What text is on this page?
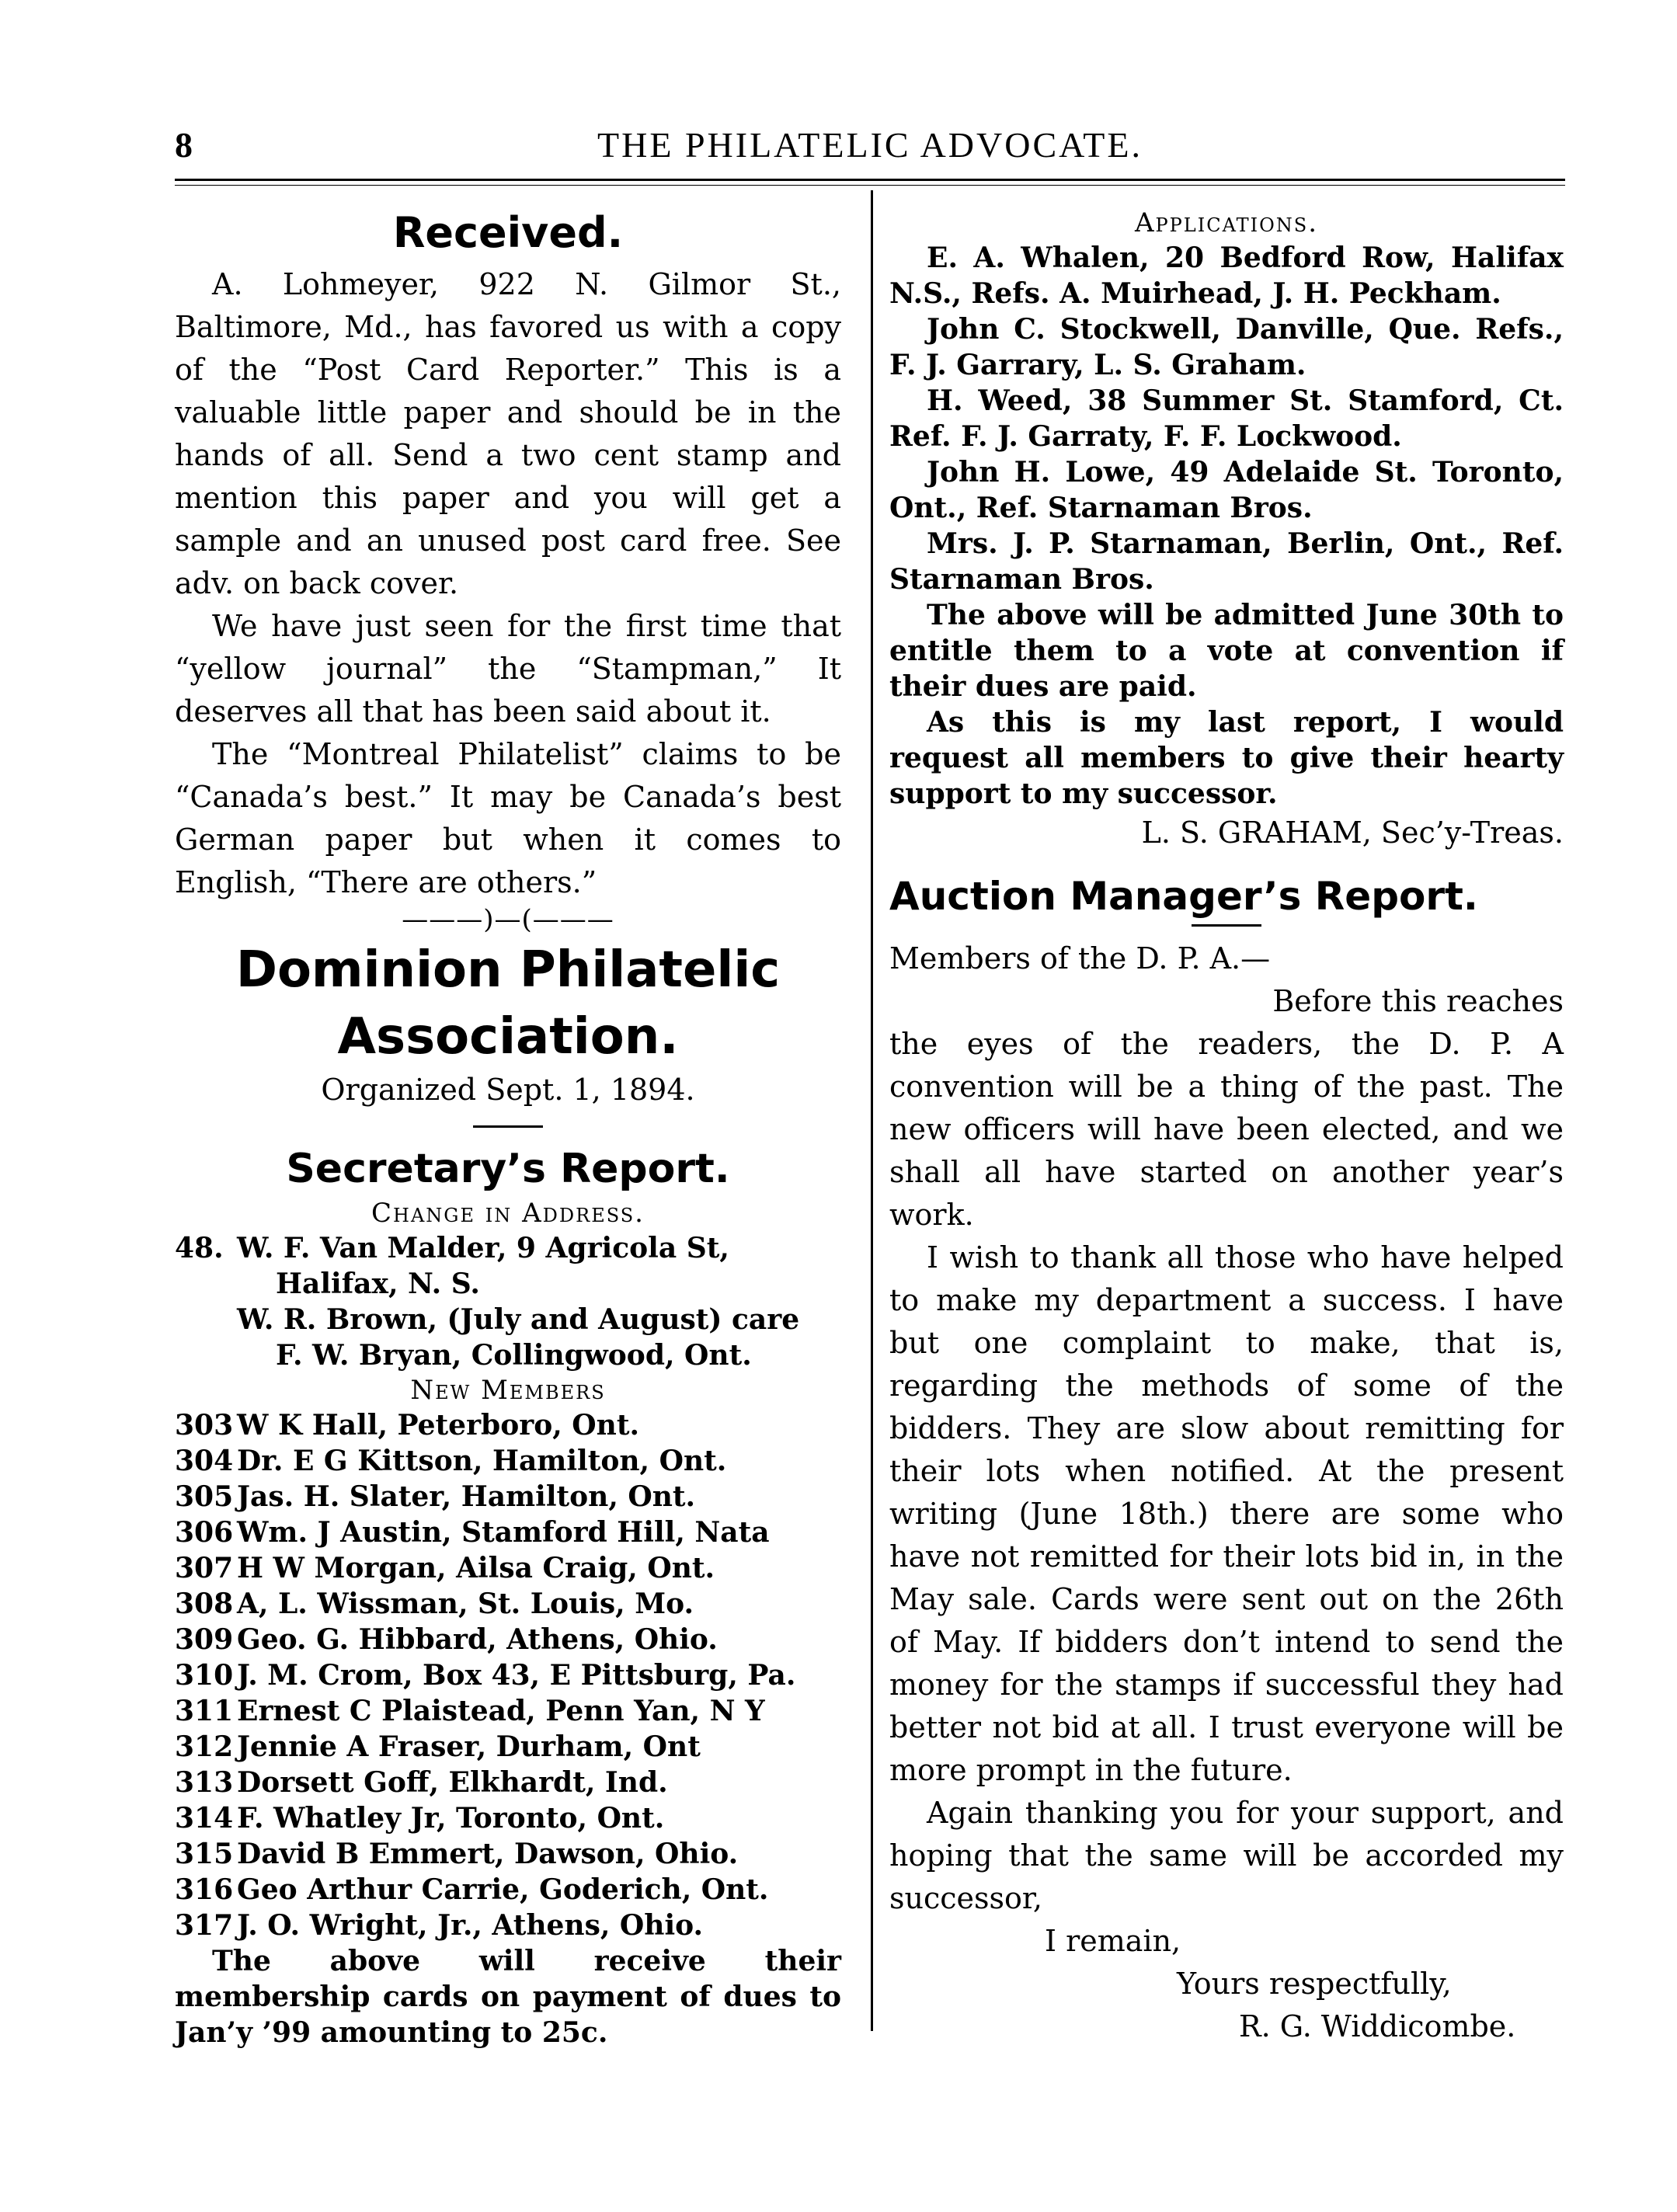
8	THE PHILATELIC ADVOCATE.
Received.

A. Lohmeyer, 922 N. Gilmor St., Baltimore, Md., has favored us with a copy of the “Post Card Reporter.” This is a valuable little paper and should be in the hands of all. Send a two cent stamp and mention this paper and you will get a sample and an unused post card free. See adv. on back cover.

We have just seen for the first time that “yellow journal” the “Stampman,” It deserves all that has been said about it.

The “Montreal Philatelist” claims to be “Canada’s best.” It may be Canada’s best German paper but when it comes to English, “There are others.”

———)—(———
Dominion Philatelic
Association.

Organized Sept. 1, 1894.

Secretary’s Report.
Change in Address.
48. W. F. Van Malder, 9 Agricola St,
Halifax, N. S.
W. R. Brown, (July and August) care
F. W. Bryan, Collingwood, Ont.
New Members
303 W K Hall, Peterboro, Ont.
304 Dr. E G Kittson, Hamilton, Ont.
305 Jas. H. Slater, Hamilton, Ont.
306 Wm. J Austin, Stamford Hill, Nata
307 H W Morgan, Ailsa Craig, Ont.
308 A, L. Wissman, St. Louis, Mo.
309 Geo. G. Hibbard, Athens, Ohio.
310 J. M. Crom, Box 43, E Pittsburg, Pa.
311 Ernest C Plaistead, Penn Yan, N Y
312 Jennie A Fraser, Durham, Ont
313 Dorsett Goff, Elkhardt, Ind.
314 F. Whatley Jr, Toronto, Ont.
315 David B Emmert, Dawson, Ohio.
316 Geo Arthur Carrie, Goderich, Ont.
317 J. O. Wright, Jr., Athens, Ohio.

The above will receive their membership cards on payment of dues to Jan’y ’99 amounting to 25c.

Applications.

E. A. Whalen, 20 Bedford Row, Halifax N.S., Refs. A. Muirhead, J. H. Peckham.

John C. Stockwell, Danville, Que. Refs., F. J. Garrary, L. S. Graham.

H. Weed, 38 Summer St. Stamford, Ct. Ref. F. J. Garraty, F. F. Lockwood.

John H. Lowe, 49 Adelaide St. Toronto, Ont., Ref. Starnaman Bros.

Mrs. J. P. Starnaman, Berlin, Ont., Ref. Starnaman Bros.

The above will be admitted June 30th to entitle them to a vote at convention if their dues are paid.

As this is my last report, I would request all members to give their hearty support to my successor.

L. S. GRAHAM, Sec’y-Treas.

Auction Manager’s Report.

Members of the D. P. A.—

Before this reaches

the eyes of the readers, the D. P. A convention will be a thing of the past. The new officers will have been elected, and we shall all have started on another year’s work.

I wish to thank all those who have helped to make my department a success. I have but one complaint to make, that is, regarding the methods of some of the bidders. They are slow about remitting for their lots when notified. At the present writing (June 18th.) there are some who have not remitted for their lots bid in, in the May sale. Cards were sent out on the 26th of May. If bidders don’t intend to send the money for the stamps if successful they had better not bid at all. I trust everyone will be more prompt in the future.

Again thanking you for your support, and hoping that the same will be accorded my successor,

I remain,

Yours respectfully,

R. G. Widdicombe.
